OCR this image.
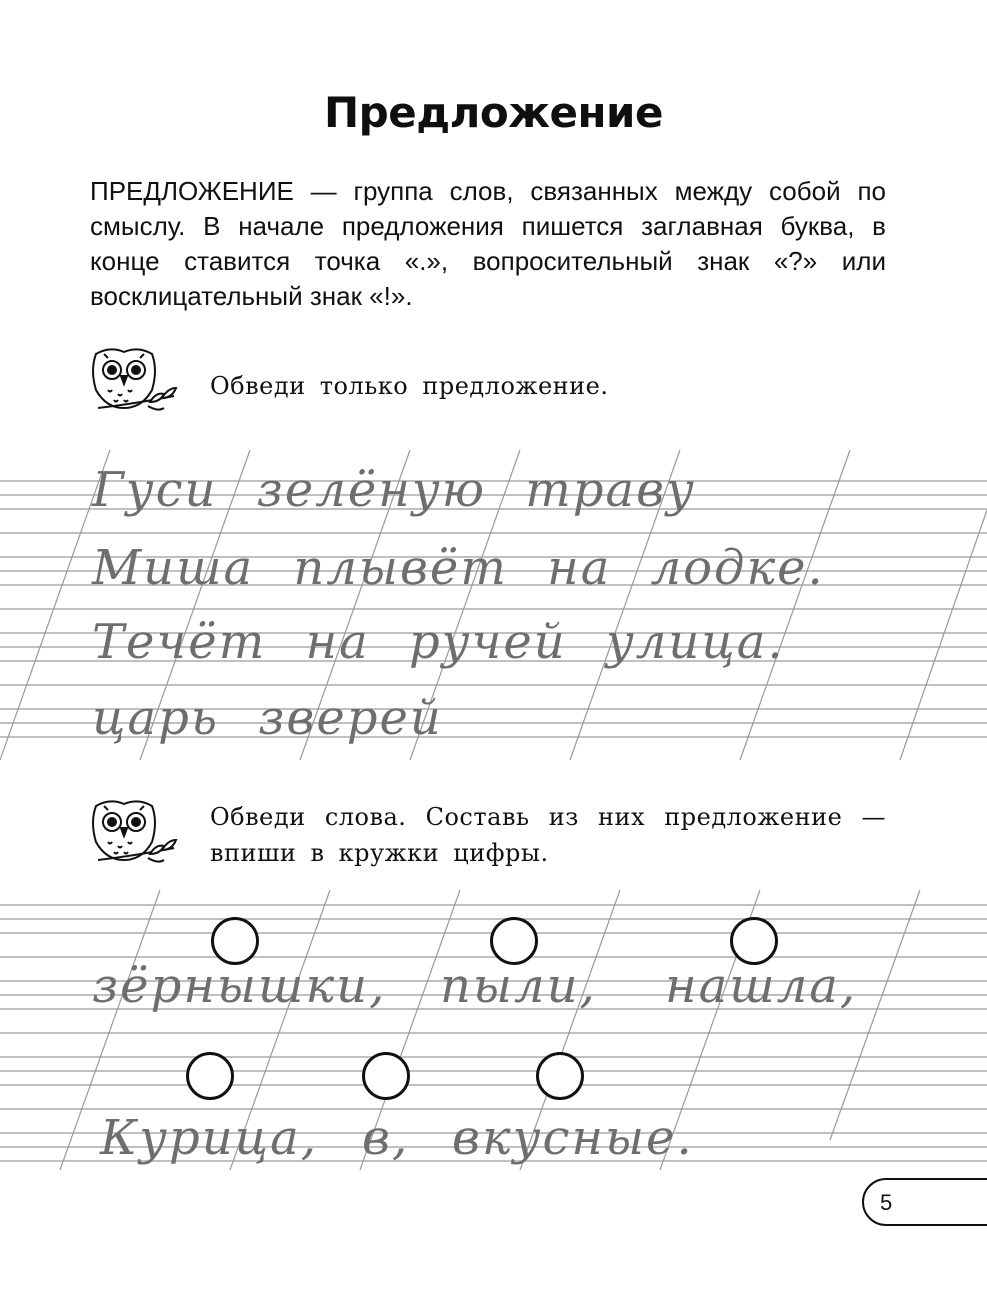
Предложение
ПРЕДЛОЖЕНИЕ — группа слов, связанных между собой по смыслу. В начале предложения пишется заглавная буква, в конце ставится точка «.», вопросительный знак «?» или восклицательный знак «!».
Обведи только предложение.
Гуси зелёную траву
Миша плывёт на лодке.
Течёт на ручей улица.
царь зверей
Обведи слова. Составь из них предложение — впиши в кружки цифры.
зёрнышки, пыли, нашла,
Курица, в, вкусные.
5
